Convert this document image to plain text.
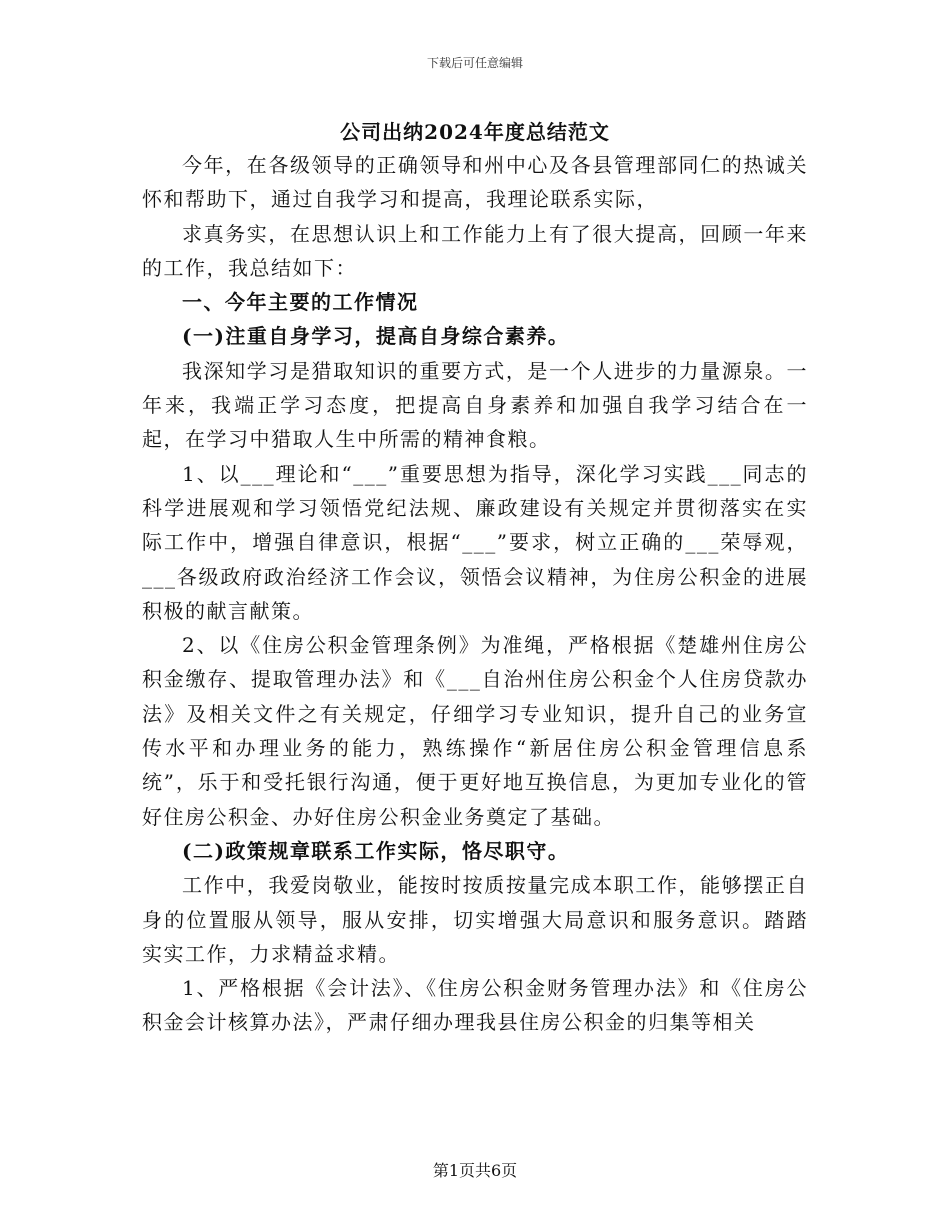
下载后可任意编辑
公司出纳2024年度总结范文

今年，在各级领导的正确领导和州中心及各县管理部同仁的热诚关怀和帮助下，通过自我学习和提高，我理论联系实际，

求真务实，在思想认识上和工作能力上有了很大提高，回顾一年来的工作，我总结如下：

一、今年主要的工作情况

(一)注重自身学习，提高自身综合素养。

我深知学习是猎取知识的重要方式，是一个人进步的力量源泉。一年来，我端正学习态度，把提高自身素养和加强自我学习结合在一起，在学习中猎取人生中所需的精神食粮。

1、以___理论和“___”重要思想为指导，深化学习实践___同志的科学进展观和学习领悟党纪法规、廉政建设有关规定并贯彻落实在实际工作中，增强自律意识，根据“___”要求，树立正确的___荣辱观，___各级政府政治经济工作会议，领悟会议精神，为住房公积金的进展积极的献言献策。

2、以《住房公积金管理条例》为准绳，严格根据《楚雄州住房公积金缴存、提取管理办法》和《___自治州住房公积金个人住房贷款办法》及相关文件之有关规定，仔细学习专业知识，提升自己的业务宣传水平和办理业务的能力，熟练操作“新居住房公积金管理信息系统”，乐于和受托银行沟通，便于更好地互换信息，为更加专业化的管好住房公积金、办好住房公积金业务奠定了基础。

(二)政策规章联系工作实际，恪尽职守。

工作中，我爱岗敬业，能按时按质按量完成本职工作，能够摆正自身的位置服从领导，服从安排，切实增强大局意识和服务意识。踏踏实实工作，力求精益求精。

1、严格根据《会计法》、《住房公积金财务管理办法》和《住房公积金会计核算办法》，严肃仔细办理我县住房公积金的归集等相关

第1页共6页
